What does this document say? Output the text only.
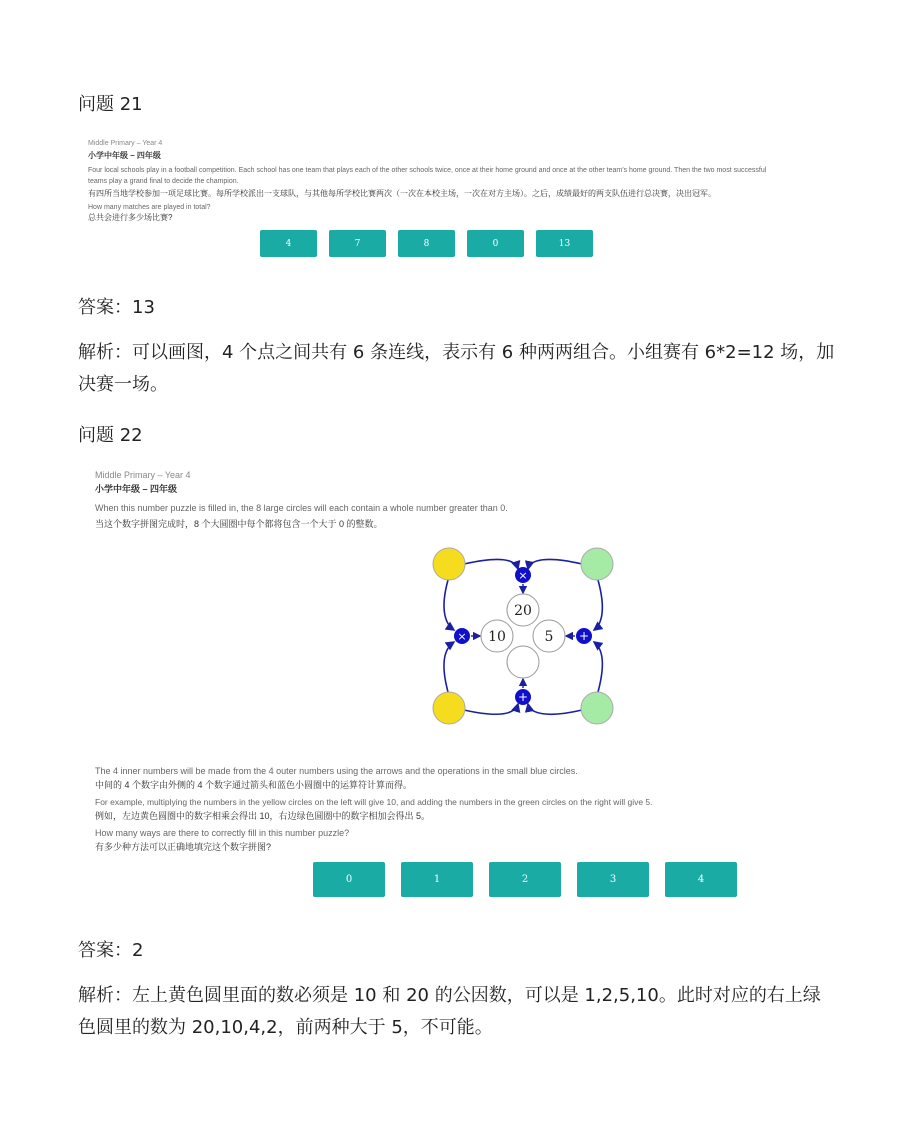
问题 21
Middle Primary – Year 4
小学中年级 – 四年级
Four local schools play in a football competition. Each school has one team that plays each of the other schools twice, once at their home ground and once at the other team's home ground. Then the two most successful teams play a grand final to decide the champion.
有四所当地学校参加一项足球比赛。每所学校派出一支球队，与其他每所学校比赛两次（一次在本校主场，一次在对方主场）。之后，成绩最好的两支队伍进行总决赛，决出冠军。
How many matches are played in total?
总共会进行多少场比赛?
4	7	8	0	13
答案：13
解析：可以画图，4 个点之间共有 6 条连线，表示有 6 种两两组合。小组赛有 6*2=12 场，加决赛一场。
问题 22
Middle Primary – Year 4
小学中年级 – 四年级
When this number puzzle is filled in, the 8 large circles will each contain a whole number greater than 0.
当这个数字拼图完成时，8 个大圆圈中每个都将包含一个大于 0 的整数。
20
10	5
×
×	+
+
The 4 inner numbers will be made from the 4 outer numbers using the arrows and the operations in the small blue circles.
中间的 4 个数字由外侧的 4 个数字通过箭头和蓝色小圆圈中的运算符计算而得。
For example, multiplying the numbers in the yellow circles on the left will give 10, and adding the numbers in the green circles on the right will give 5.
例如，左边黄色圆圈中的数字相乘会得出 10，右边绿色圆圈中的数字相加会得出 5。
How many ways are there to correctly fill in this number puzzle?
有多少种方法可以正确地填完这个数字拼图?
0	1	2	3	4
答案：2
解析：左上黄色圆里面的数必须是 10 和 20 的公因数，可以是 1,2,5,10。此时对应的右上绿色圆里的数为 20,10,4,2，前两种大于 5，不可能。
